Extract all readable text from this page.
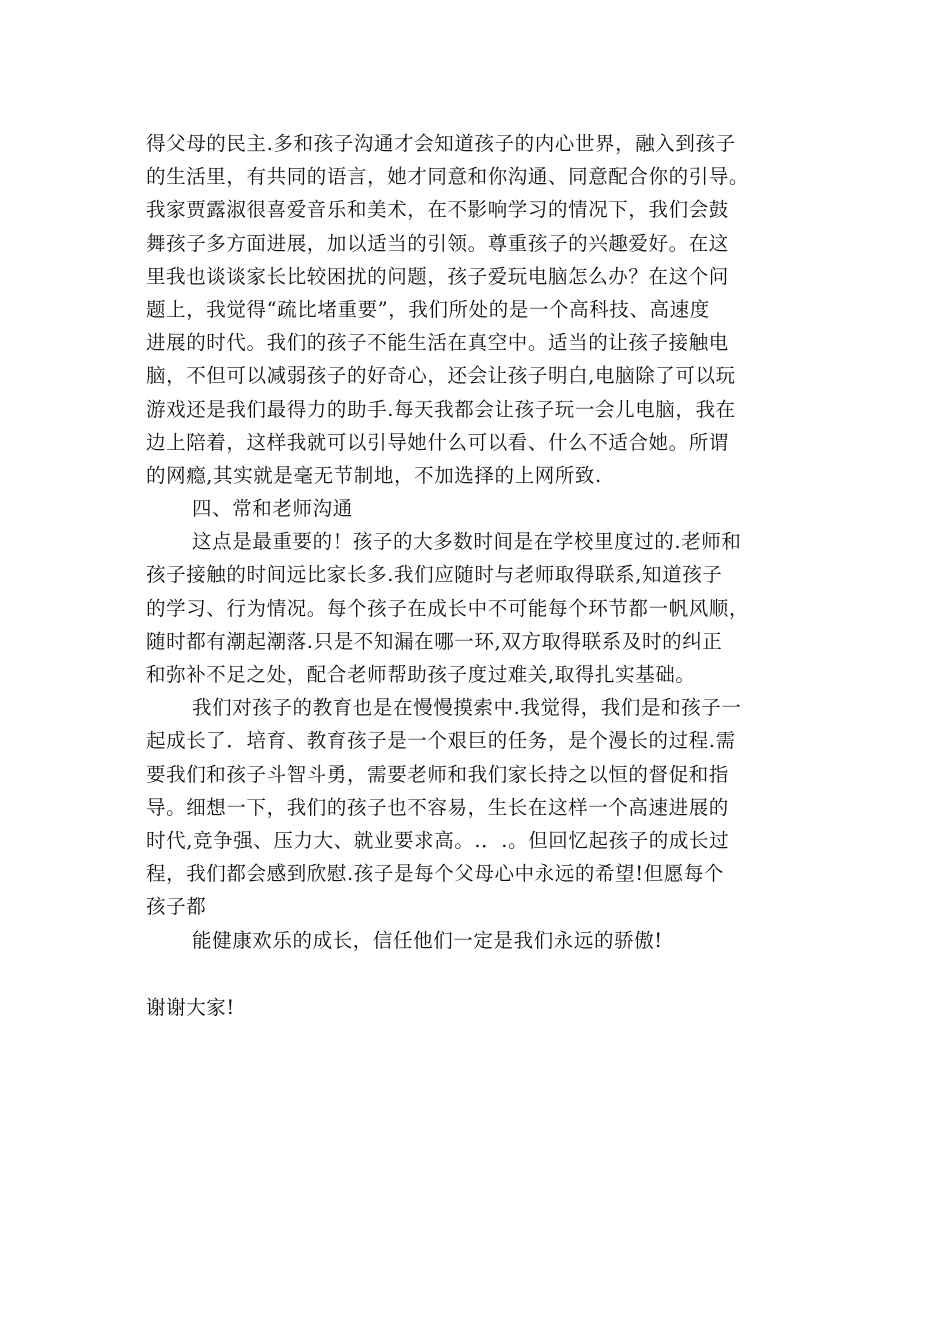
得父母的民主.多和孩子沟通才会知道孩子的内心世界，融入到孩子
的生活里，有共同的语言，她才同意和你沟通、同意配合你的引导。
我家贾露淑很喜爱音乐和美术，在不影响学习的情况下，我们会鼓
舞孩子多方面进展，加以适当的引领。尊重孩子的兴趣爱好。在这
里我也谈谈家长比较困扰的问题，孩子爱玩电脑怎么办？在这个问
题上，我觉得“疏比堵重要”，我们所处的是一个高科技、高速度
进展的时代。我们的孩子不能生活在真空中。适当的让孩子接触电
脑，不但可以减弱孩子的好奇心，还会让孩子明白,电脑除了可以玩
游戏还是我们最得力的助手.每天我都会让孩子玩一会儿电脑，我在
边上陪着，这样我就可以引导她什么可以看、什么不适合她。所谓
的网瘾,其实就是毫无节制地，不加选择的上网所致.
四、常和老师沟通
这点是最重要的！孩子的大多数时间是在学校里度过的.老师和
孩子接触的时间远比家长多.我们应随时与老师取得联系,知道孩子
的学习、行为情况。每个孩子在成长中不可能每个环节都一帆风顺，
随时都有潮起潮落.只是不知漏在哪一环,双方取得联系及时的纠正
和弥补不足之处，配合老师帮助孩子度过难关,取得扎实基础。
我们对孩子的教育也是在慢慢摸索中.我觉得，我们是和孩子一
起成长了．培育、教育孩子是一个艰巨的任务，是个漫长的过程.需
要我们和孩子斗智斗勇，需要老师和我们家长持之以恒的督促和指
导。细想一下，我们的孩子也不容易，生长在这样一个高速进展的
时代,竞争强、压力大、就业要求高。.．.。但回忆起孩子的成长过
程，我们都会感到欣慰.孩子是每个父母心中永远的希望!但愿每个
孩子都
能健康欢乐的成长，信任他们一定是我们永远的骄傲!
谢谢大家!
